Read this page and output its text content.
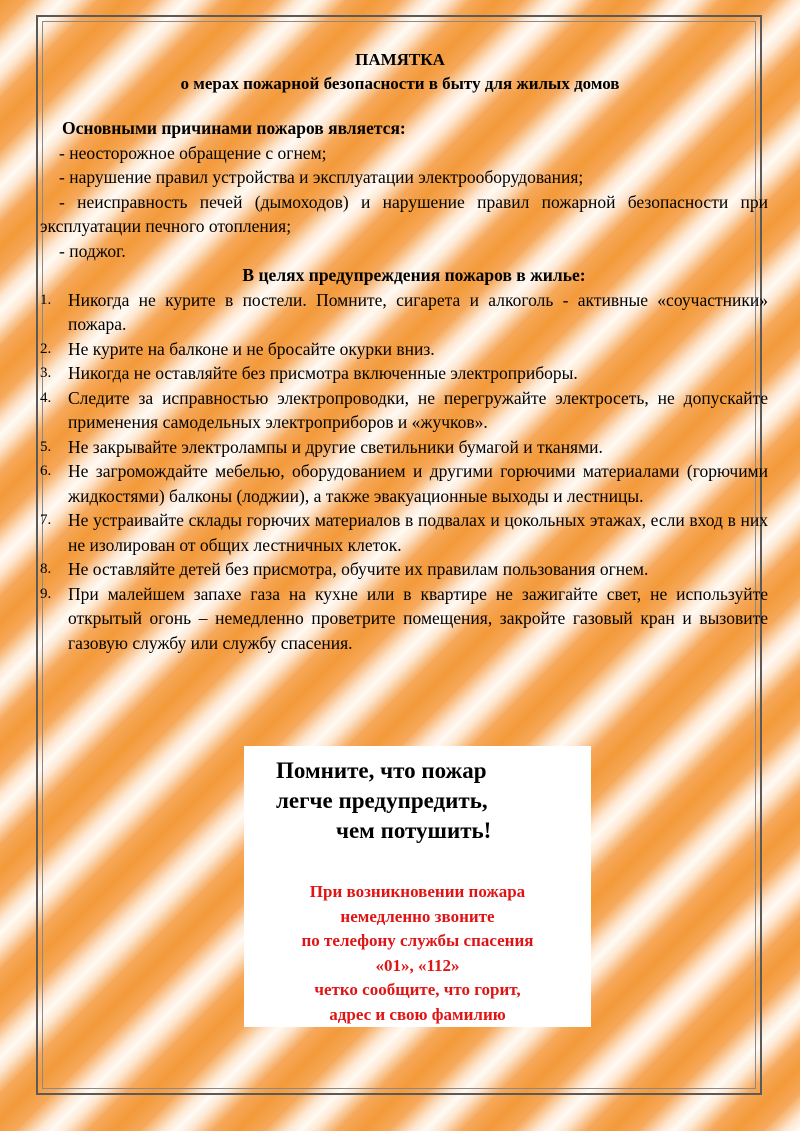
ПАМЯТКА
о мерах пожарной безопасности в быту для жилых домов
Основными причинами пожаров является:
- неосторожное обращение с огнем;
- нарушение правил устройства и эксплуатации электрооборудования;
- неисправность печей (дымоходов) и нарушение правил пожарной безопасности при эксплуатации печного отопления;
- поджог.
В целях предупреждения пожаров в жилье:
1. Никогда не курите в постели. Помните, сигарета и алкоголь - активные «соучастники» пожара.
2. Не курите на балконе и не бросайте окурки вниз.
3. Никогда не оставляйте без присмотра включенные электроприборы.
4. Следите за исправностью электропроводки, не перегружайте электросеть, не допускайте применения самодельных электроприборов и «жучков».
5. Не закрывайте электролампы и другие светильники бумагой и тканями.
6. Не загромождайте мебелью, оборудованием и другими горючими материалами (горючими жидкостями) балконы (лоджии), а также эвакуационные выходы и лестницы.
7. Не устраивайте склады горючих материалов в подвалах и цокольных этажах, если вход в них не изолирован от общих лестничных клеток.
8. Не оставляйте детей без присмотра, обучите их правилам пользования огнем.
9. При малейшем запахе газа на кухне или в квартире не зажигайте свет, не используйте открытый огонь – немедленно проветрите помещения, закройте газовый кран и вызовите газовую службу или службу спасения.
Помните, что пожар
легче предупредить,
чем потушить!
При возникновении пожара
немедленно звоните
по телефону службы спасения
«01», «112»
четко сообщите, что горит,
адрес и свою фамилию
